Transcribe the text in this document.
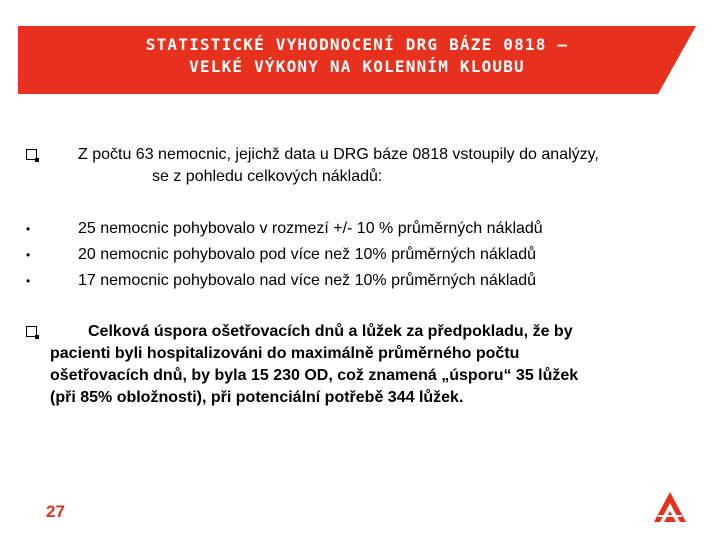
STATISTICKÉ VYHODNOCENÍ DRG BÁZE 0818 –
VELKÉ VÝKONY NA KOLENNÍM KLOUBU
Z počtu 63 nemocnic, jejichž data u DRG báze 0818 vstoupily do analýzy,
se z pohledu celkových nákladů:
•	25 nemocnic pohybovalo v rozmezí +/- 10 % průměrných nákladů
•	20 nemocnic pohybovalo pod více než 10% průměrných nákladů
•	17 nemocnic pohybovalo nad více než 10% průměrných nákladů
Celková úspora ošetřovacích dnů a lůžek za předpokladu, že by
pacienti byli hospitalizováni do maximálně průměrného počtu
ošetřovacích dnů, by byla 15 230 OD, což znamená „úsporu“ 35 lůžek
(při 85% obložnosti), při potenciální potřebě 344 lůžek.
27
